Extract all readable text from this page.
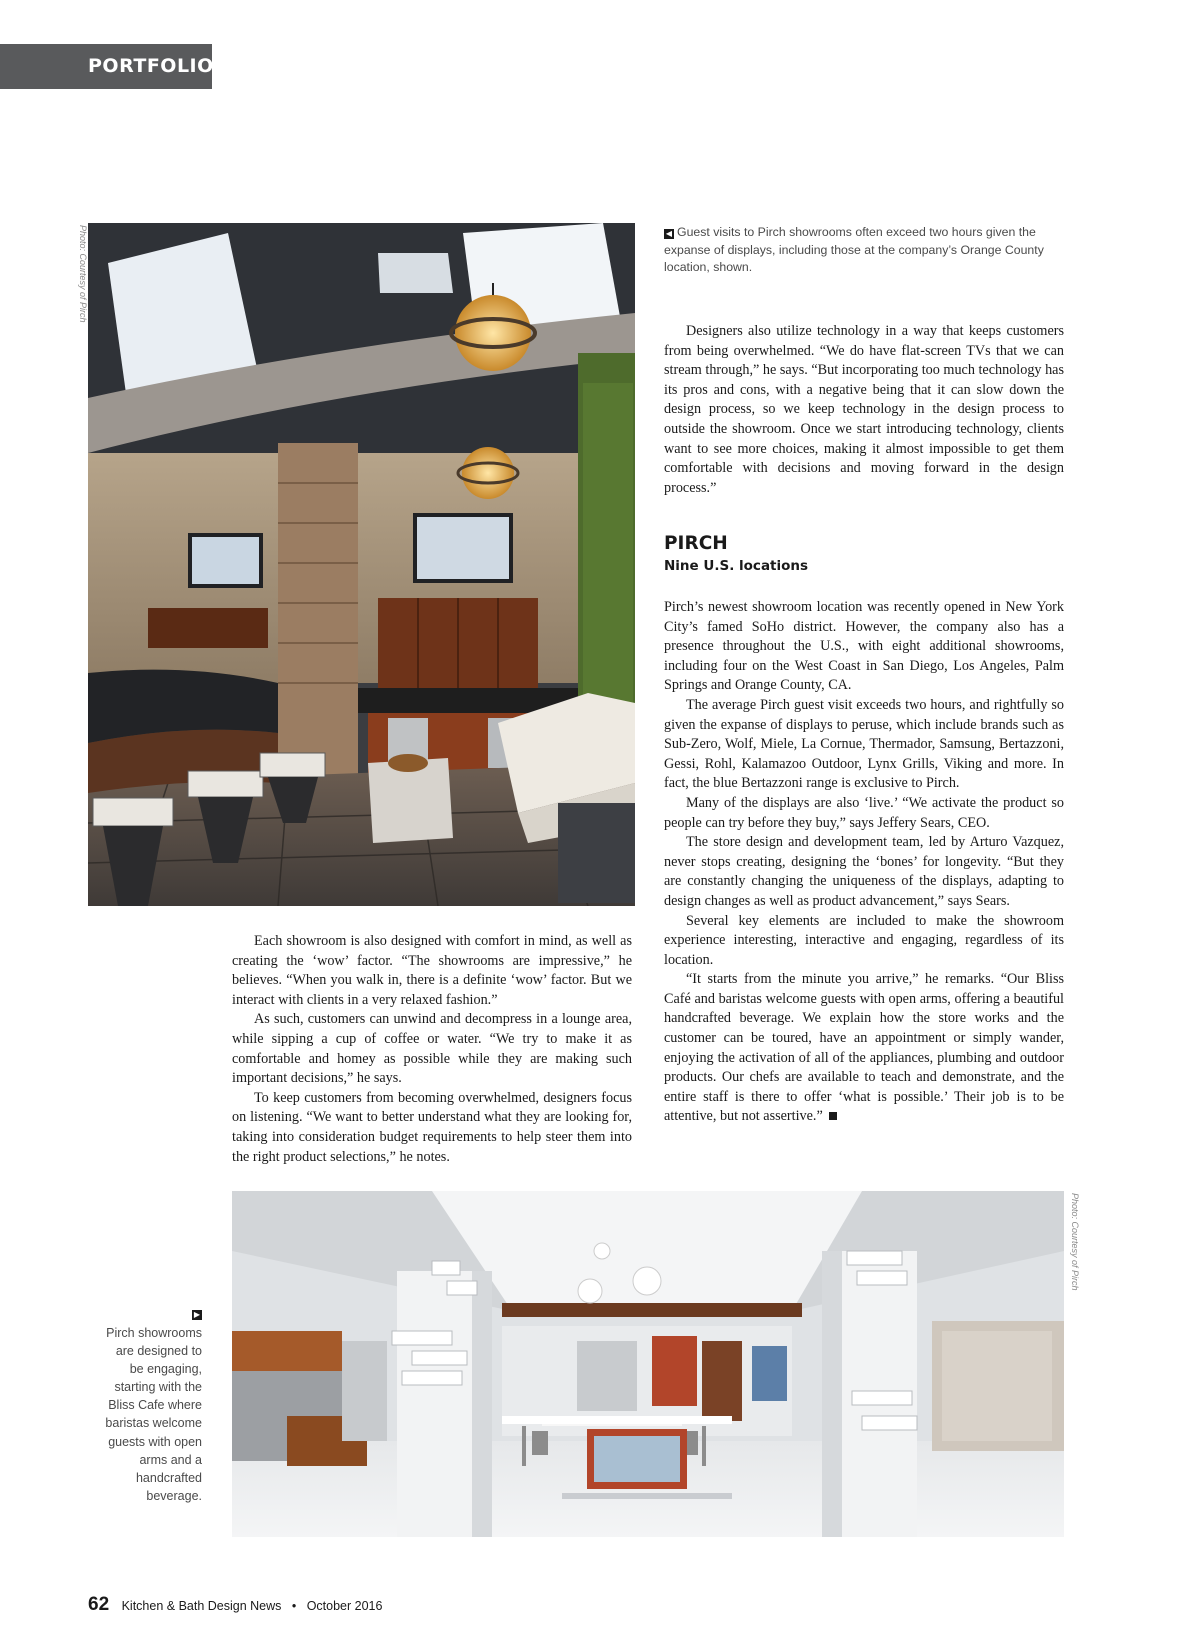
PORTFOLIO
Photo: Courtesy of Pirch	◀ Guest visits to Pirch showrooms often exceed two hours given the expanse of displays, including those at the company’s Orange County location, shown.

Designers also utilize technology in a way that keeps customers from being overwhelmed. “We do have flat-screen TVs that we can stream through,” he says. “But incorporating too much technology has its pros and cons, with a negative being that it can slow down the design process, so we keep technology in the design process to outside the showroom. Once we start introducing technology, clients want to see more choices, making it almost impossible to get them comfortable with decisions and moving forward in the design process.”

PIRCH
Nine U.S. locations

Pirch’s newest showroom location was recently opened in New York City’s famed SoHo district. However, the company also has a presence throughout the U.S., with eight additional showrooms, including four on the West Coast in San Diego, Los Angeles, Palm Springs and Orange County, CA.

The average Pirch guest visit exceeds two hours, and rightfully so given the expanse of displays to peruse, which include brands such as Sub-Zero, Wolf, Miele, La Cornue, Thermador, Samsung, Bertazzoni, Gessi, Rohl, Kalamazoo Outdoor, Lynx Grills, Viking and more. In fact, the blue Bertazzoni range is exclusive to Pirch.

Many of the displays are also ‘live.’ “We activate the product so people can try before they buy,” says Jeffery Sears, CEO.

The store design and development team, led by Arturo Vazquez, never stops creating, designing the ‘bones’ for longevity. “But they are constantly changing the uniqueness of the displays, adapting to design changes as well as product advancement,” says Sears.

Several key elements are included to make the showroom experience interesting, interactive and engaging, regardless of its location.

“It starts from the minute you arrive,” he remarks. “Our Bliss Café and baristas welcome guests with open arms, offering a beautiful handcrafted beverage. We explain how the store works and the customer can be toured, have an appointment or simply wander, enjoying the activation of all of the appliances, plumbing and outdoor products. Our chefs are available to teach and demonstrate, and the entire staff is there to offer ‘what is possible.’ Their job is to be attentive, but not assertive.”

Each showroom is also designed with comfort in mind, as well as creating the ‘wow’ factor. “The showrooms are impressive,” he believes. “When you walk in, there is a definite ‘wow’ factor. But we interact with clients in a very relaxed fashion.”

As such, customers can unwind and decompress in a lounge area, while sipping a cup of coffee or water. “We try to make it as comfortable and homey as possible while they are making such important decisions,” he says.

To keep customers from becoming overwhelmed, designers focus on listening. “We want to better understand what they are looking for, taking into consideration budget requirements to help steer them into the right product selections,” he notes.

Photo: Courtesy of Pirch
▶
Pirch showrooms are designed to be engaging, starting with the Bliss Cafe where baristas welcome guests with open arms and a handcrafted beverage.
62 Kitchen & Bath Design News • October 2016
